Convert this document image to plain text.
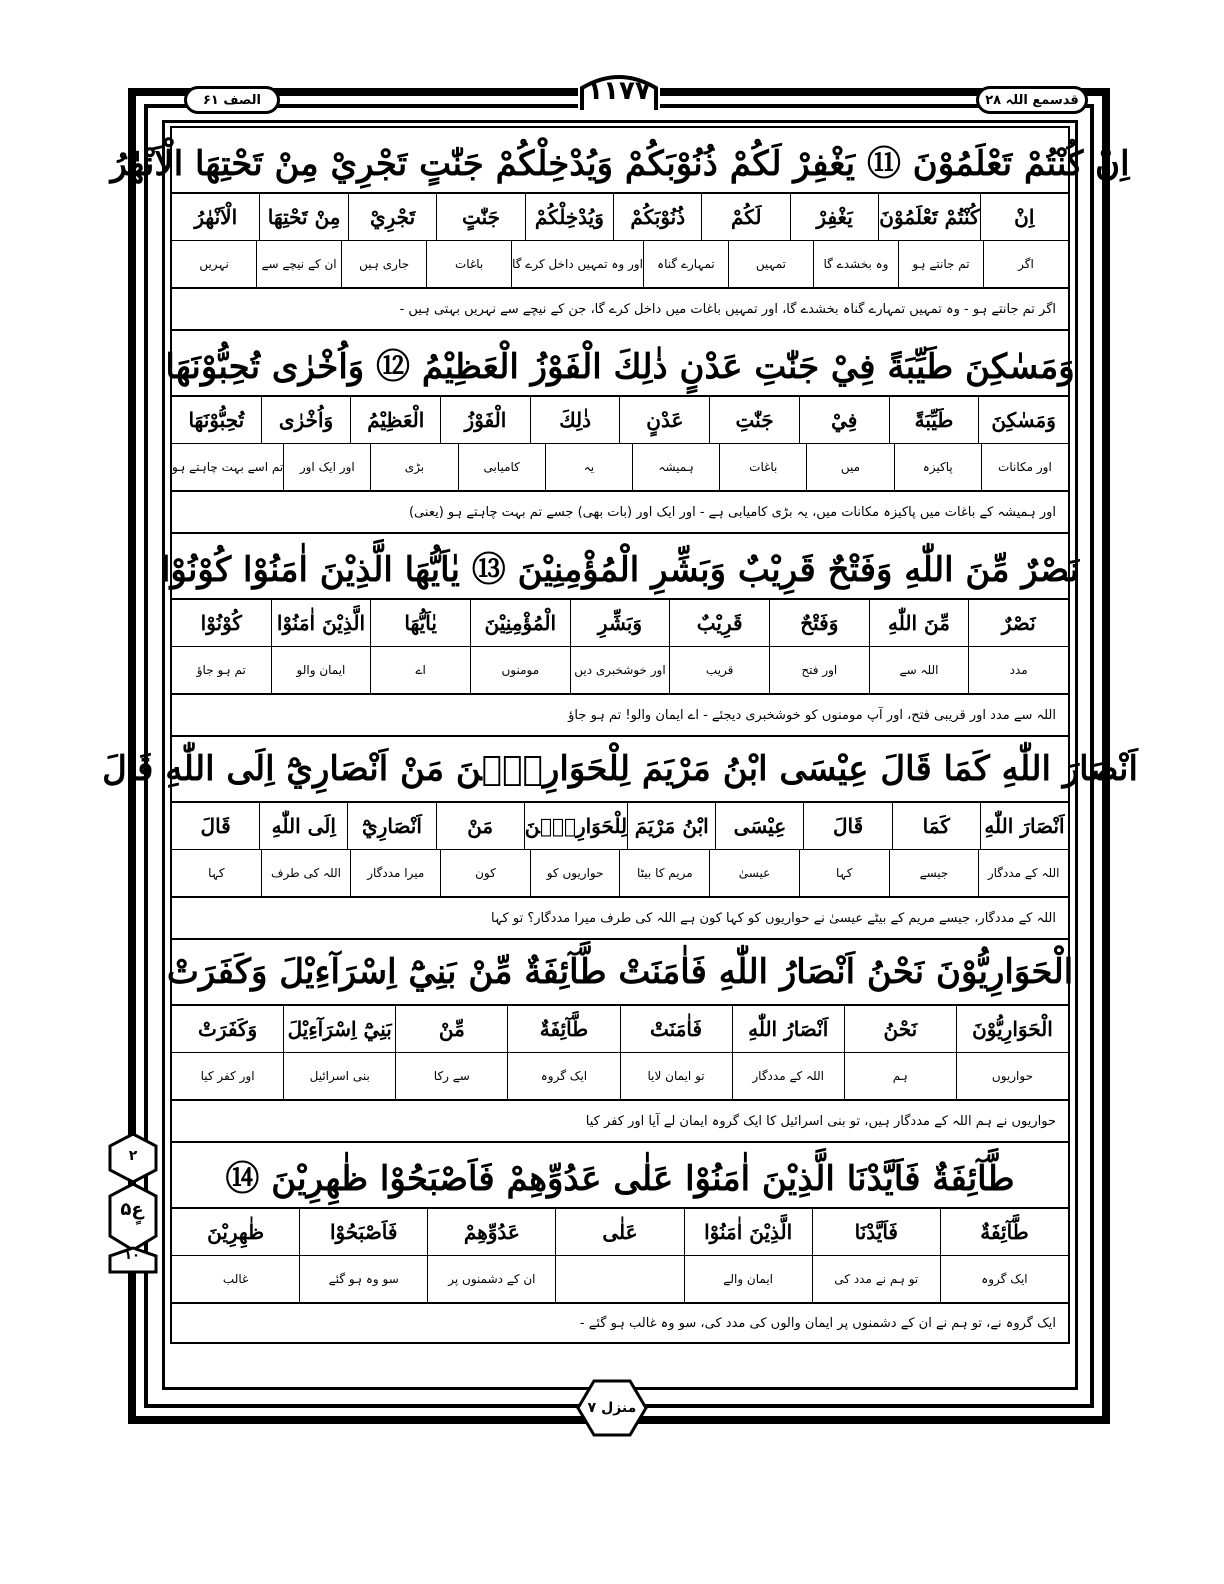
قدسمع اللہ ۲۸
الصف ۶۱	۱۱۷۷
اِنْ كُنْتُمْ تَعْلَمُوْنَ ⑪ يَغْفِرْ لَكُمْ ذُنُوْبَكُمْ وَيُدْخِلْكُمْ جَنّٰتٍ تَجْرِيْ مِنْ تَحْتِهَا الْاَنْهٰرُ
اِنْ
كُنْتُمْ تَعْلَمُوْنَ
يَغْفِرْ
لَكُمْ
ذُنُوْبَكُمْ
وَيُدْخِلْكُمْ
جَنّٰتٍ
تَجْرِيْ
مِنْ تَحْتِهَا
الْاَنْهٰرُ
اگر
تم جانتے ہو
وہ بخشدے گا
تمہیں
تمہارے گناہ
اور وہ تمہیں داخل کرے گا
باغات
جاری ہیں
ان کے نیچے سے
نہریں
اگر تم جانتے ہو - وہ تمہیں تمہارے گناہ بخشدے گا، اور تمہیں باغات میں داخل کرے گا، جن کے نیچے سے نہریں بہتی ہیں -
وَمَسٰكِنَ طَيِّبَةً فِيْ جَنّٰتِ عَدْنٍ ذٰلِكَ الْفَوْزُ الْعَظِيْمُ ⑫ وَاُخْرٰى تُحِبُّوْنَهَا
وَمَسٰكِنَ
طَيِّبَةً
فِيْ
جَنّٰتِ
عَدْنٍ
ذٰلِكَ
الْفَوْزُ
الْعَظِيْمُ
وَاُخْرٰى
تُحِبُّوْنَهَا
اور مکانات
پاکیزہ
میں
باغات
ہمیشہ
یہ
کامیابی
بڑی
اور ایک اور
تم اسے بہت چاہتے ہو
اور ہمیشہ کے باغات میں پاکیزہ مکانات میں، یہ بڑی کامیابی ہے - اور ایک اور (بات بھی) جسے تم بہت چاہتے ہو (یعنی)
نَصْرٌ مِّنَ اللّٰهِ وَفَتْحٌ قَرِيْبٌ وَبَشِّرِ الْمُؤْمِنِيْنَ ⑬ يٰاَيُّهَا الَّذِيْنَ اٰمَنُوْا كُوْنُوْا
نَصْرٌ
مِّنَ اللّٰهِ
وَفَتْحٌ
قَرِيْبٌ
وَبَشِّرِ
الْمُؤْمِنِيْنَ
يٰاَيُّهَا
الَّذِيْنَ اٰمَنُوْا
كُوْنُوْا
مدد
اللہ سے
اور فتح
قریب
اور خوشخبری دیں
مومنوں
اے
ایمان والو
تم ہو جاؤ
اللہ سے مدد اور قریبی فتح، اور آپ مومنوں کو خوشخبری دیجئے - اے ایمان والو! تم ہو جاؤ
اَنْصَارَ اللّٰهِ كَمَا قَالَ عِيْسَى ابْنُ مَرْيَمَ لِلْحَوَارِيّٖنَ مَنْ اَنْصَارِيْٓ اِلَى اللّٰهِ قَالَ
اَنْصَارَ اللّٰهِ
كَمَا
قَالَ
عِيْسَى
ابْنُ مَرْيَمَ
لِلْحَوَارِيّٖنَ
مَنْ
اَنْصَارِيْٓ
اِلَى اللّٰهِ
قَالَ
اللہ کے مددگار
جیسے
کہا
عیسیٰ
مریم کا بیٹا
حواریوں کو
کون
میرا مددگار
اللہ کی طرف
کہا
اللہ کے مددگار، جیسے مریم کے بیٹے عیسیٰ نے حواریوں کو کہا کون ہے اللہ کی طرف میرا مددگار؟ تو کہا
الْحَوَارِيُّوْنَ نَحْنُ اَنْصَارُ اللّٰهِ فَاٰمَنَتْ طَّآئِفَةٌ مِّنْ بَنِيْٓ اِسْرَآءِيْلَ وَكَفَرَتْ
الْحَوَارِيُّوْنَ
نَحْنُ
اَنْصَارُ اللّٰهِ
فَاٰمَنَتْ
طَّآئِفَةٌ
مِّنْ
بَنِيْٓ اِسْرَآءِيْلَ
وَكَفَرَتْ
حواریوں
ہم
اللہ کے مددگار
تو ایمان لایا
ایک گروہ
سے رکا
بنی اسرائیل
اور کفر کیا
حواریوں نے ہم اللہ کے مددگار ہیں، تو بنی اسرائیل کا ایک گروہ ایمان لے آیا اور کفر کیا
طَّآئِفَةٌ فَاَيَّدْنَا الَّذِيْنَ اٰمَنُوْا عَلٰى عَدُوِّهِمْ فَاَصْبَحُوْا ظٰهِرِيْنَ ⑭
طَّآئِفَةٌ
فَاَيَّدْنَا
الَّذِيْنَ اٰمَنُوْا
عَلٰى
عَدُوِّهِمْ
فَاَصْبَحُوْا
ظٰهِرِيْنَ
ایک گروہ
تو ہم نے مدد کی
ایمان والے
ان کے دشمنوں پر
سو وہ ہو گئے
غالب
ایک گروہ نے، تو ہم نے ان کے دشمنوں پر ایمان والوں کی مدد کی، سو وہ غالب ہو گئے -
۲
عٍ
۵
۱۰
منزل ۷
